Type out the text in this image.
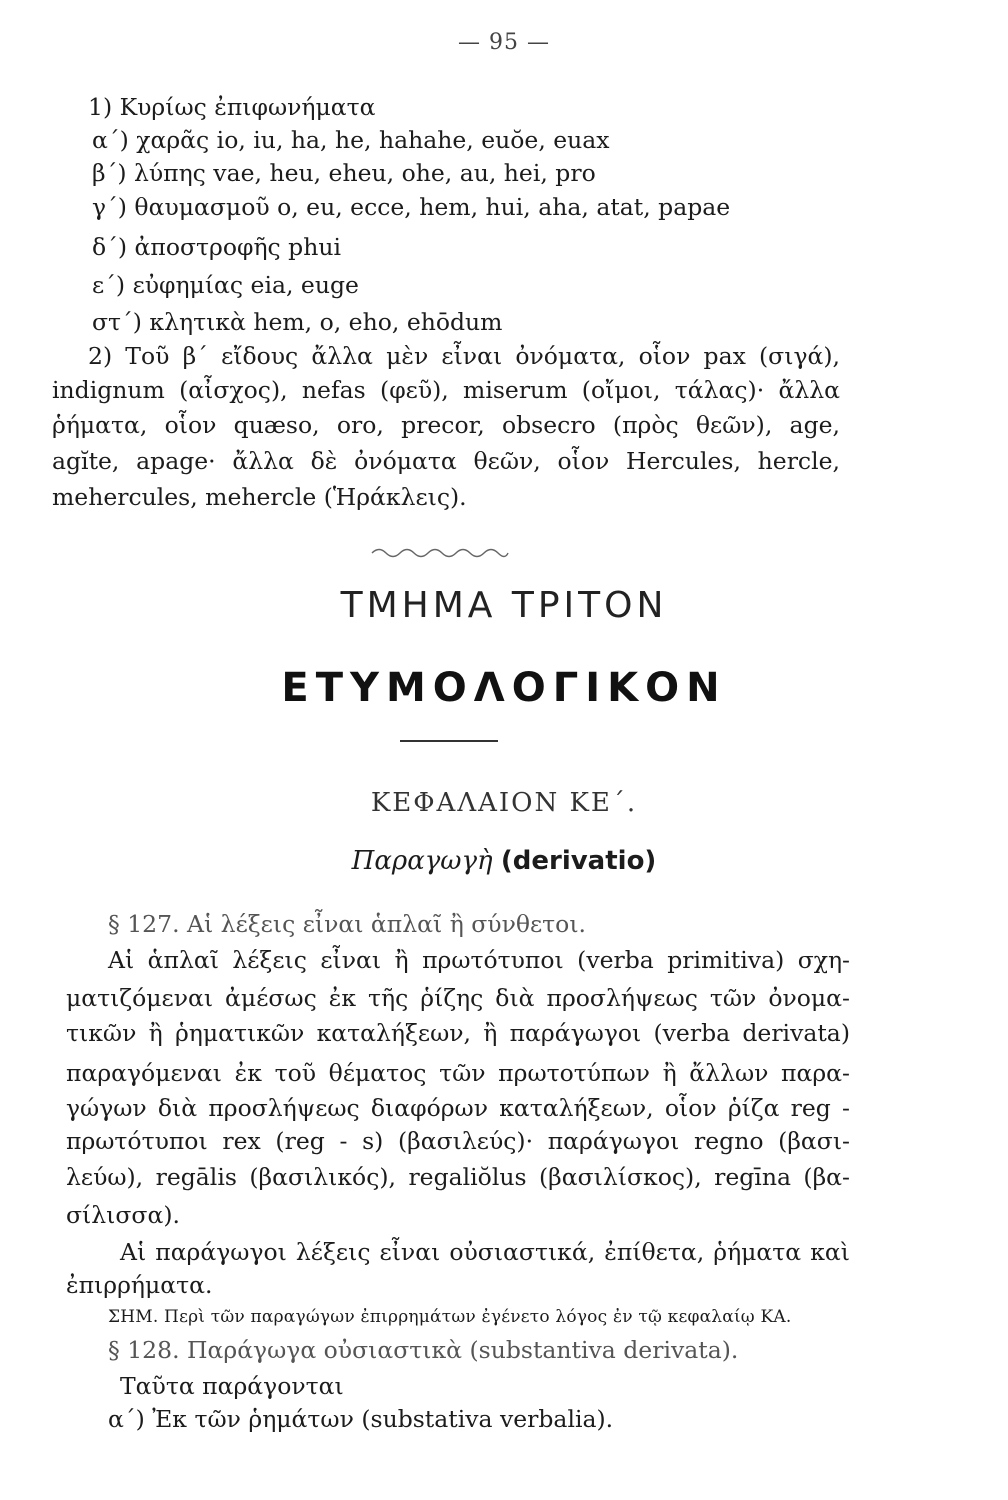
— 95 —
1) Κυρίως ἐπιφωνήματα
α΄) χαρᾶς io, iu, ha, he, hahahe, euŏe, euax
β΄) λύπης vae, heu, eheu, ohe, au, hei, pro
γ΄) θαυμασμοῦ o, eu, ecce, hem, hui, aha, atat, papae
δ΄) ἀποστροφῆς phui
ε΄) εὐφημίας eia, euge
στ΄) κλητικὰ hem, o, eho, ehōdum
2) Τοῦ β΄ εἴδους ἄλλα μὲν εἶναι ὀνόματα, οἷον pax (σιγά),
indignum (αἶσχος), nefas (φεῦ), miserum (οἴμοι, τάλας)· ἄλλα
ῥήματα, οἷον quæso, oro, precor, obsecro (πρὸς θεῶν), age,
agĭte, apage· ἄλλα δὲ ὀνόματα θεῶν, οἷον Hercules, hercle,
mehercules, mehercle (Ἡράκλεις).
ΤΜΗΜΑ ΤΡΙΤΟΝ
ΕΤΥΜΟΛΟΓΙΚΟΝ
ΚΕΦΑΛΑΙΟΝ ΚΕ΄.
Παραγωγὴ (derivatio)
§ 127. Αἱ λέξεις εἶναι ἁπλαῖ ἢ σύνθετοι.
Αἱ ἁπλαῖ λέξεις εἶναι ἢ πρωτότυποι (verba primitiva) σχη-
ματιζόμεναι ἀμέσως ἐκ τῆς ῥίζης διὰ προσλήψεως τῶν ὀνομα-
τικῶν ἢ ῥηματικῶν καταλήξεων, ἢ παράγωγοι (verba derivata)
παραγόμεναι ἐκ τοῦ θέματος τῶν πρωτοτύπων ἢ ἄλλων παρα-
γώγων διὰ προσλήψεως διαφόρων καταλήξεων, οἷον ῥίζα reg -
πρωτότυποι rex (reg - s) (βασιλεύς)· παράγωγοι regno (βασι-
λεύω), regālis (βασιλικός), regaliŏlus (βασιλίσκος), regīna (βα-
σίλισσα).
Αἱ παράγωγοι λέξεις εἶναι οὐσιαστικά, ἐπίθετα, ῥήματα καὶ
ἐπιρρήματα.
ΣΗΜ. Περὶ τῶν παραγώγων ἐπιρρημάτων ἐγένετο λόγος ἐν τῷ κεφαλαίῳ ΚΑ.
§ 128. Παράγωγα οὐσιαστικὰ (substantiva derivata).
Ταῦτα παράγονται
α΄) Ἐκ τῶν ῥημάτων (substativa verbalia).
